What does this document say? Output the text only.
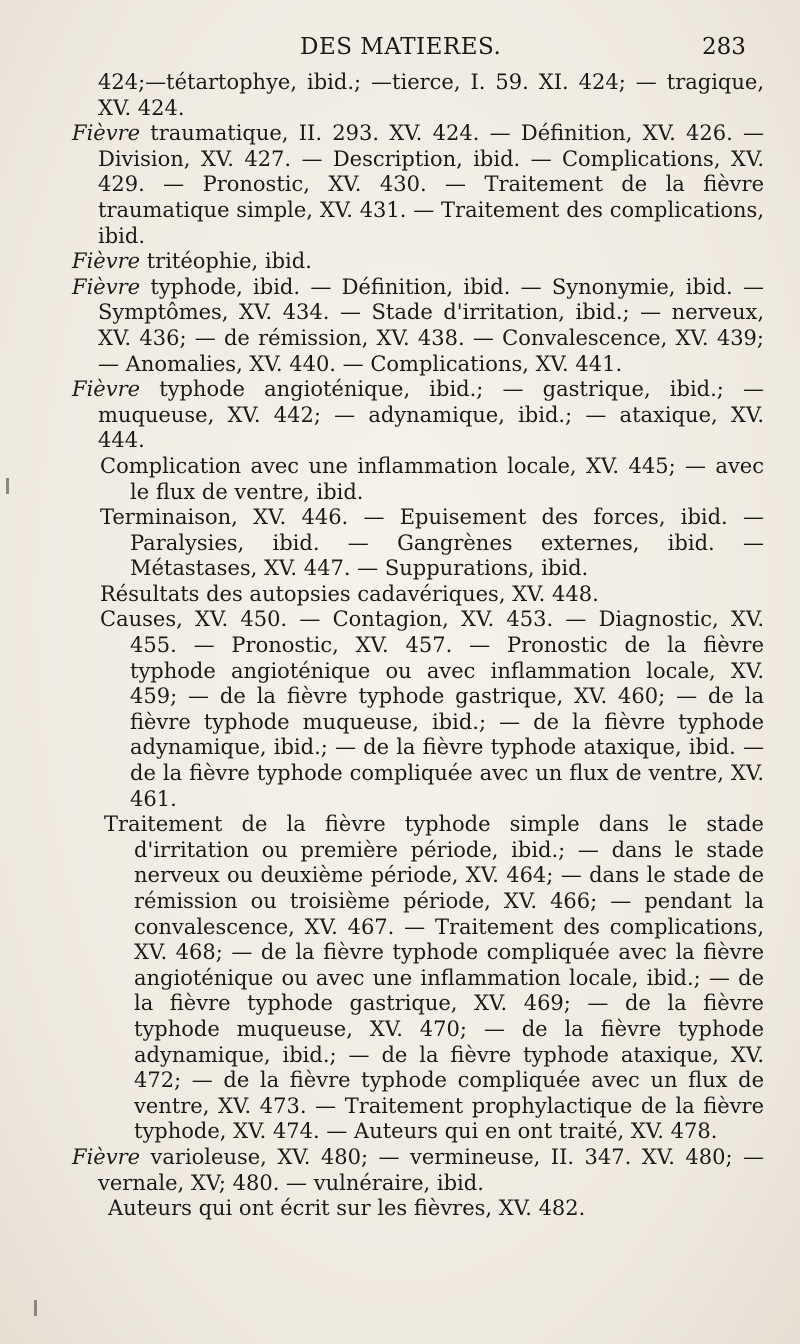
DES MATIERES.	283

424;—tétartophye, ibid.; —tierce, I. 59. XI. 424; — tragique, XV. 424.

Fièvre traumatique, II. 293. XV. 424. — Définition, XV. 426. — Division, XV. 427. — Description, ibid. — Complications, XV. 429. — Pronostic, XV. 430. — Traitement de la fièvre traumatique simple, XV. 431. — Traitement des complications, ibid.

Fièvre tritéophie, ibid.

Fièvre typhode, ibid. — Définition, ibid. — Synonymie, ibid. — Symptômes, XV. 434. — Stade d'irritation, ibid.; — nerveux, XV. 436; — de rémission, XV. 438. — Convalescence, XV. 439; — Anomalies, XV. 440. — Complications, XV. 441.

Fièvre typhode angioténique, ibid.; — gastrique, ibid.; — muqueuse, XV. 442; — adynamique, ibid.; — ataxique, XV. 444.

Complication avec une inflammation locale, XV. 445; — avec le flux de ventre, ibid.

Terminaison, XV. 446. — Epuisement des forces, ibid. — Paralysies, ibid. — Gangrènes externes, ibid. — Métastases, XV. 447. — Suppurations, ibid.

Résultats des autopsies cadavériques, XV. 448.

Causes, XV. 450. — Contagion, XV. 453. — Diagnostic, XV. 455. — Pronostic, XV. 457. — Pronostic de la fièvre typhode angioténique ou avec inflammation locale, XV. 459; — de la fièvre typhode gastrique, XV. 460; — de la fièvre typhode muqueuse, ibid.; — de la fièvre typhode adynamique, ibid.; — de la fièvre typhode ataxique, ibid. — de la fièvre typhode compliquée avec un flux de ventre, XV. 461.

Traitement de la fièvre typhode simple dans le stade d'irritation ou première période, ibid.; — dans le stade nerveux ou deuxième période, XV. 464; — dans le stade de rémission ou troisième période, XV. 466; — pendant la convalescence, XV. 467. — Traitement des complications, XV. 468; — de la fièvre typhode compliquée avec la fièvre angioténique ou avec une inflammation locale, ibid.; — de la fièvre typhode gastrique, XV. 469; — de la fièvre typhode muqueuse, XV. 470; — de la fièvre typhode adynamique, ibid.; — de la fièvre typhode ataxique, XV. 472; — de la fièvre typhode compliquée avec un flux de ventre, XV. 473. — Traitement prophylactique de la fièvre typhode, XV. 474. — Auteurs qui en ont traité, XV. 478.

Fièvre varioleuse, XV. 480; — vermineuse, II. 347. XV. 480; — vernale, XV; 480. — vulnéraire, ibid.

Auteurs qui ont écrit sur les fièvres, XV. 482.
